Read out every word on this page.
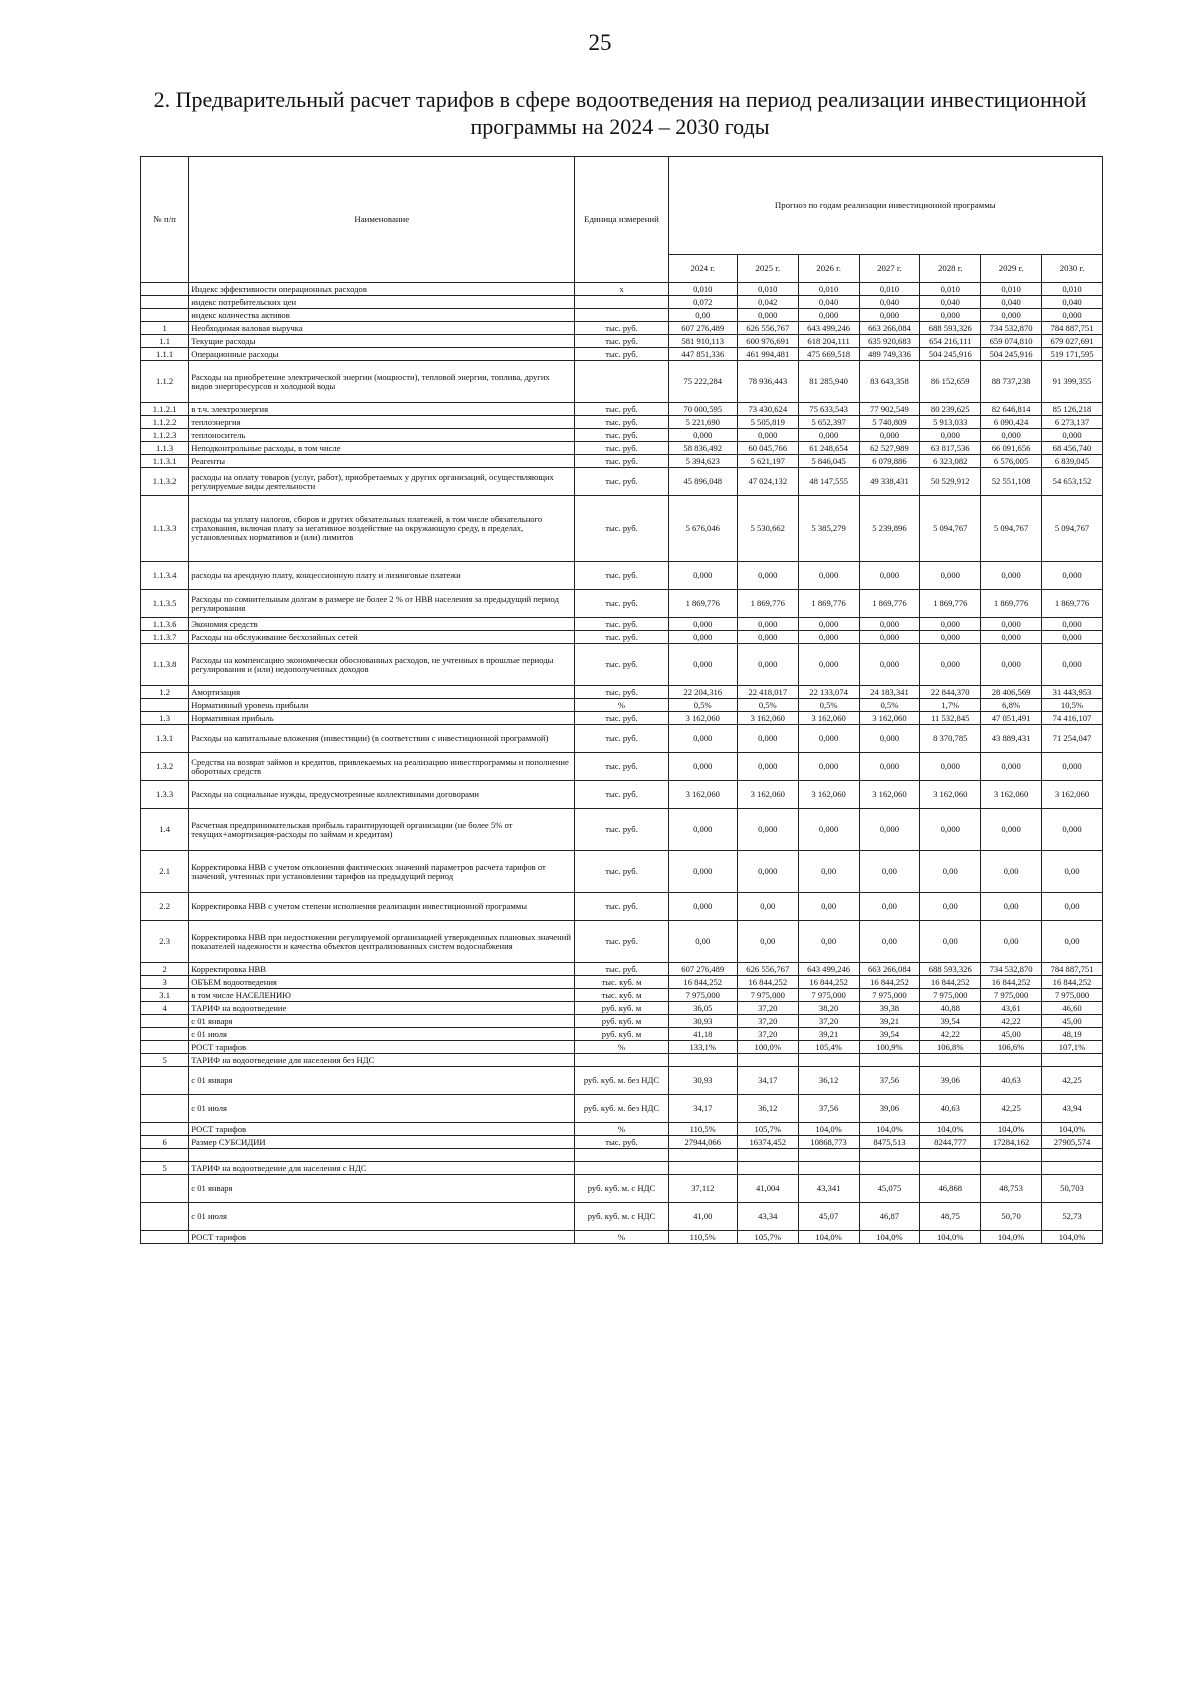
25
2. Предварительный расчет тарифов в сфере водоотведения на период реализации инвестиционной
программы на 2024 – 2030 годы
№ п/п	Наименование	Единица измерений	Прогноз по годам реализации инвестиционной программы						
			2024 г.	2025 г.	2026 г.	2027 г.	2028 г.	2029 г.	2030 г.
	Индекс эффективности операционных расходов	x	0,010	0,010	0,010	0,010	0,010	0,010	0,010
	индекс потребительских цен		0,072	0,042	0,040	0,040	0,040	0,040	0,040
	индекс количества активов		0,00	0,000	0,000	0,000	0,000	0,000	0,000
1	Необходимая валовая выручка	тыс. руб.	607 276,489	626 556,767	643 499,246	663 266,084	688 593,326	734 532,870	784 887,751
1.1	Текущие расходы	тыс. руб.	581 910,113	600 976,691	618 204,111	635 920,683	654 216,111	659 074,810	679 027,691
1.1.1	Операционные расходы	тыс. руб.	447 851,336	461 994,481	475 669,518	489 749,336	504 245,916	504 245,916	519 171,595
1.1.2	Расходы на приобретение электрической энергии (мощности), тепловой энергии, топлива, других видов энергоресурсов и холодной воды		75 222,284	78 936,443	81 285,940	83 643,358	86 152,659	88 737,238	91 399,355
1.1.2.1	в т.ч. электроэнергия	тыс. руб.	70 000,595	73 430,624	75 633,543	77 902,549	80 239,625	82 646,814	85 126,218
1.1.2.2	теплоэнергия	тыс. руб.	5 221,690	5 505,819	5 652,397	5 740,809	5 913,033	6 090,424	6 273,137
1.1.2.3	теплоноситель	тыс. руб.	0,000	0,000	0,000	0,000	0,000	0,000	0,000
1.1.3	Неподконтрольные расходы, в том числе	тыс. руб.	58 836,492	60 045,766	61 248,654	62 527,989	63 817,536	66 091,656	68 456,740
1.1.3.1	Реагенты	тыс. руб.	5 394,623	5 621,197	5 846,045	6 079,886	6 323,082	6 576,005	6 839,045
1.1.3.2	расходы на оплату товаров (услуг, работ), приобретаемых у других организаций, осуществляющих регулируемые виды деятельности	тыс. руб.	45 896,048	47 024,132	48 147,555	49 338,431	50 529,912	52 551,108	54 653,152
1.1.3.3	расходы на уплату налогов, сборов и других обязательных платежей, в том числе обязательного страхования, включая плату за негативное воздействие на окружающую среду, в пределах, установленных нормативов и (или) лимитов	тыс. руб.	5 676,046	5 530,662	5 385,279	5 239,896	5 094,767	5 094,767	5 094,767
1.1.3.4	расходы на арендную плату, концессионную плату и лизинговые платежи	тыс. руб.	0,000	0,000	0,000	0,000	0,000	0,000	0,000
1.1.3.5	Расходы по сомнительным долгам в размере не более 2 % от НВВ населения за предыдущий период регулирования	тыс. руб.	1 869,776	1 869,776	1 869,776	1 869,776	1 869,776	1 869,776	1 869,776
1.1.3.6	Экономия средств	тыс. руб.	0,000	0,000	0,000	0,000	0,000	0,000	0,000
1.1.3.7	Расходы на обслуживание бесхозяйных сетей	тыс. руб.	0,000	0,000	0,000	0,000	0,000	0,000	0,000
1.1.3.8	Расходы на компенсацию экономически обоснованных расходов, не учтенных в прошлые периоды регулирования и (или) недополученных доходов	тыс. руб.	0,000	0,000	0,000	0,000	0,000	0,000	0,000
1.2	Амортизация	тыс. руб.	22 204,316	22 418,017	22 133,074	24 183,341	22 844,370	28 406,569	31 443,953
	Нормативный уровень прибыли	%	0,5%	0,5%	0,5%	0,5%	1,7%	6,8%	10,5%
1.3	Нормативная прибыль	тыс. руб.	3 162,060	3 162,060	3 162,060	3 162,060	11 532,845	47 051,491	74 416,107
1.3.1	Расходы на капитальные вложения (инвестиции) (в соответствии с инвестиционной программой)	тыс. руб.	0,000	0,000	0,000	0,000	8 370,785	43 889,431	71 254,047
1.3.2	Средства на возврат займов и кредитов, привлекаемых на реализацию инвестпрограммы и пополнение оборотных средств	тыс. руб.	0,000	0,000	0,000	0,000	0,000	0,000	0,000
1.3.3	Расходы на социальные нужды, предусмотренные коллективными договорами	тыс. руб.	3 162,060	3 162,060	3 162,060	3 162,060	3 162,060	3 162,060	3 162,060
1.4	Расчетная предпринимательская прибыль гарантирующей организации (не более 5% от текущих+амортизация-расходы по займам и кредитам)	тыс. руб.	0,000	0,000	0,000	0,000	0,000	0,000	0,000
2.1	Корректировка НВВ с учетом отклонения фактических значений параметров расчета тарифов от значений, учтенных при установлении тарифов на предыдущий период	тыс. руб.	0,000	0,000	0,00	0,00	0,00	0,00	0,00
2.2	Корректировка НВВ с учетом степени исполнения реализации инвестиционной программы	тыс. руб.	0,000	0,00	0,00	0,00	0,00	0,00	0,00
2.3	Корректировка НВВ при недостижении регулируемой организацией утвержденных плановых значений показателей надежности и качества объектов централизованных систем водоснабжения	тыс. руб.	0,00	0,00	0,00	0,00	0,00	0,00	0,00
2	Корректировка НВВ	тыс. руб.	607 276,489	626 556,767	643 499,246	663 266,084	688 593,326	734 532,870	784 887,751
3	ОБЪЕМ водоотведения	тыс. куб. м	16 844,252	16 844,252	16 844,252	16 844,252	16 844,252	16 844,252	16 844,252
3.1	в том числе НАСЕЛЕНИЮ	тыс. куб. м	7 975,000	7 975,000	7 975,000	7 975,000	7 975,000	7 975,000	7 975,000
4	ТАРИФ на водоотведение	руб. куб. м	36,05	37,20	38,20	39,38	40,88	43,61	46,60
	с 01 января	руб. куб. м	30,93	37,20	37,20	39,21	39,54	42,22	45,00
	с 01 июля	руб. куб. м	41,18	37,20	39,21	39,54	42,22	45,00	48,19
	РОСТ тарифов	%	133,1%	100,0%	105,4%	100,9%	106,8%	106,6%	107,1%
5	ТАРИФ на водоотведение для населения без НДС								
	с 01 января	руб. куб. м. без НДС	30,93	34,17	36,12	37,56	39,06	40,63	42,25
	с 01 июля	руб. куб. м. без НДС	34,17	36,12	37,56	39,06	40,63	42,25	43,94
	РОСТ тарифов	%	110,5%	105,7%	104,0%	104,0%	104,0%	104,0%	104,0%
6	Размер СУБСИДИИ	тыс. руб.	27944,066	16374,452	10868,773	8475,513	8244,777	17284,162	27905,574

5	ТАРИФ на водоотведение для населения с НДС								
	с 01 января	руб. куб. м. с НДС	37,112	41,004	43,341	45,075	46,868	48,753	50,703
	с 01 июля	руб. куб. м. с НДС	41,00	43,34	45,07	46,87	48,75	50,70	52,73
	РОСТ тарифов	%	110,5%	105,7%	104,0%	104,0%	104,0%	104,0%	104,0%
